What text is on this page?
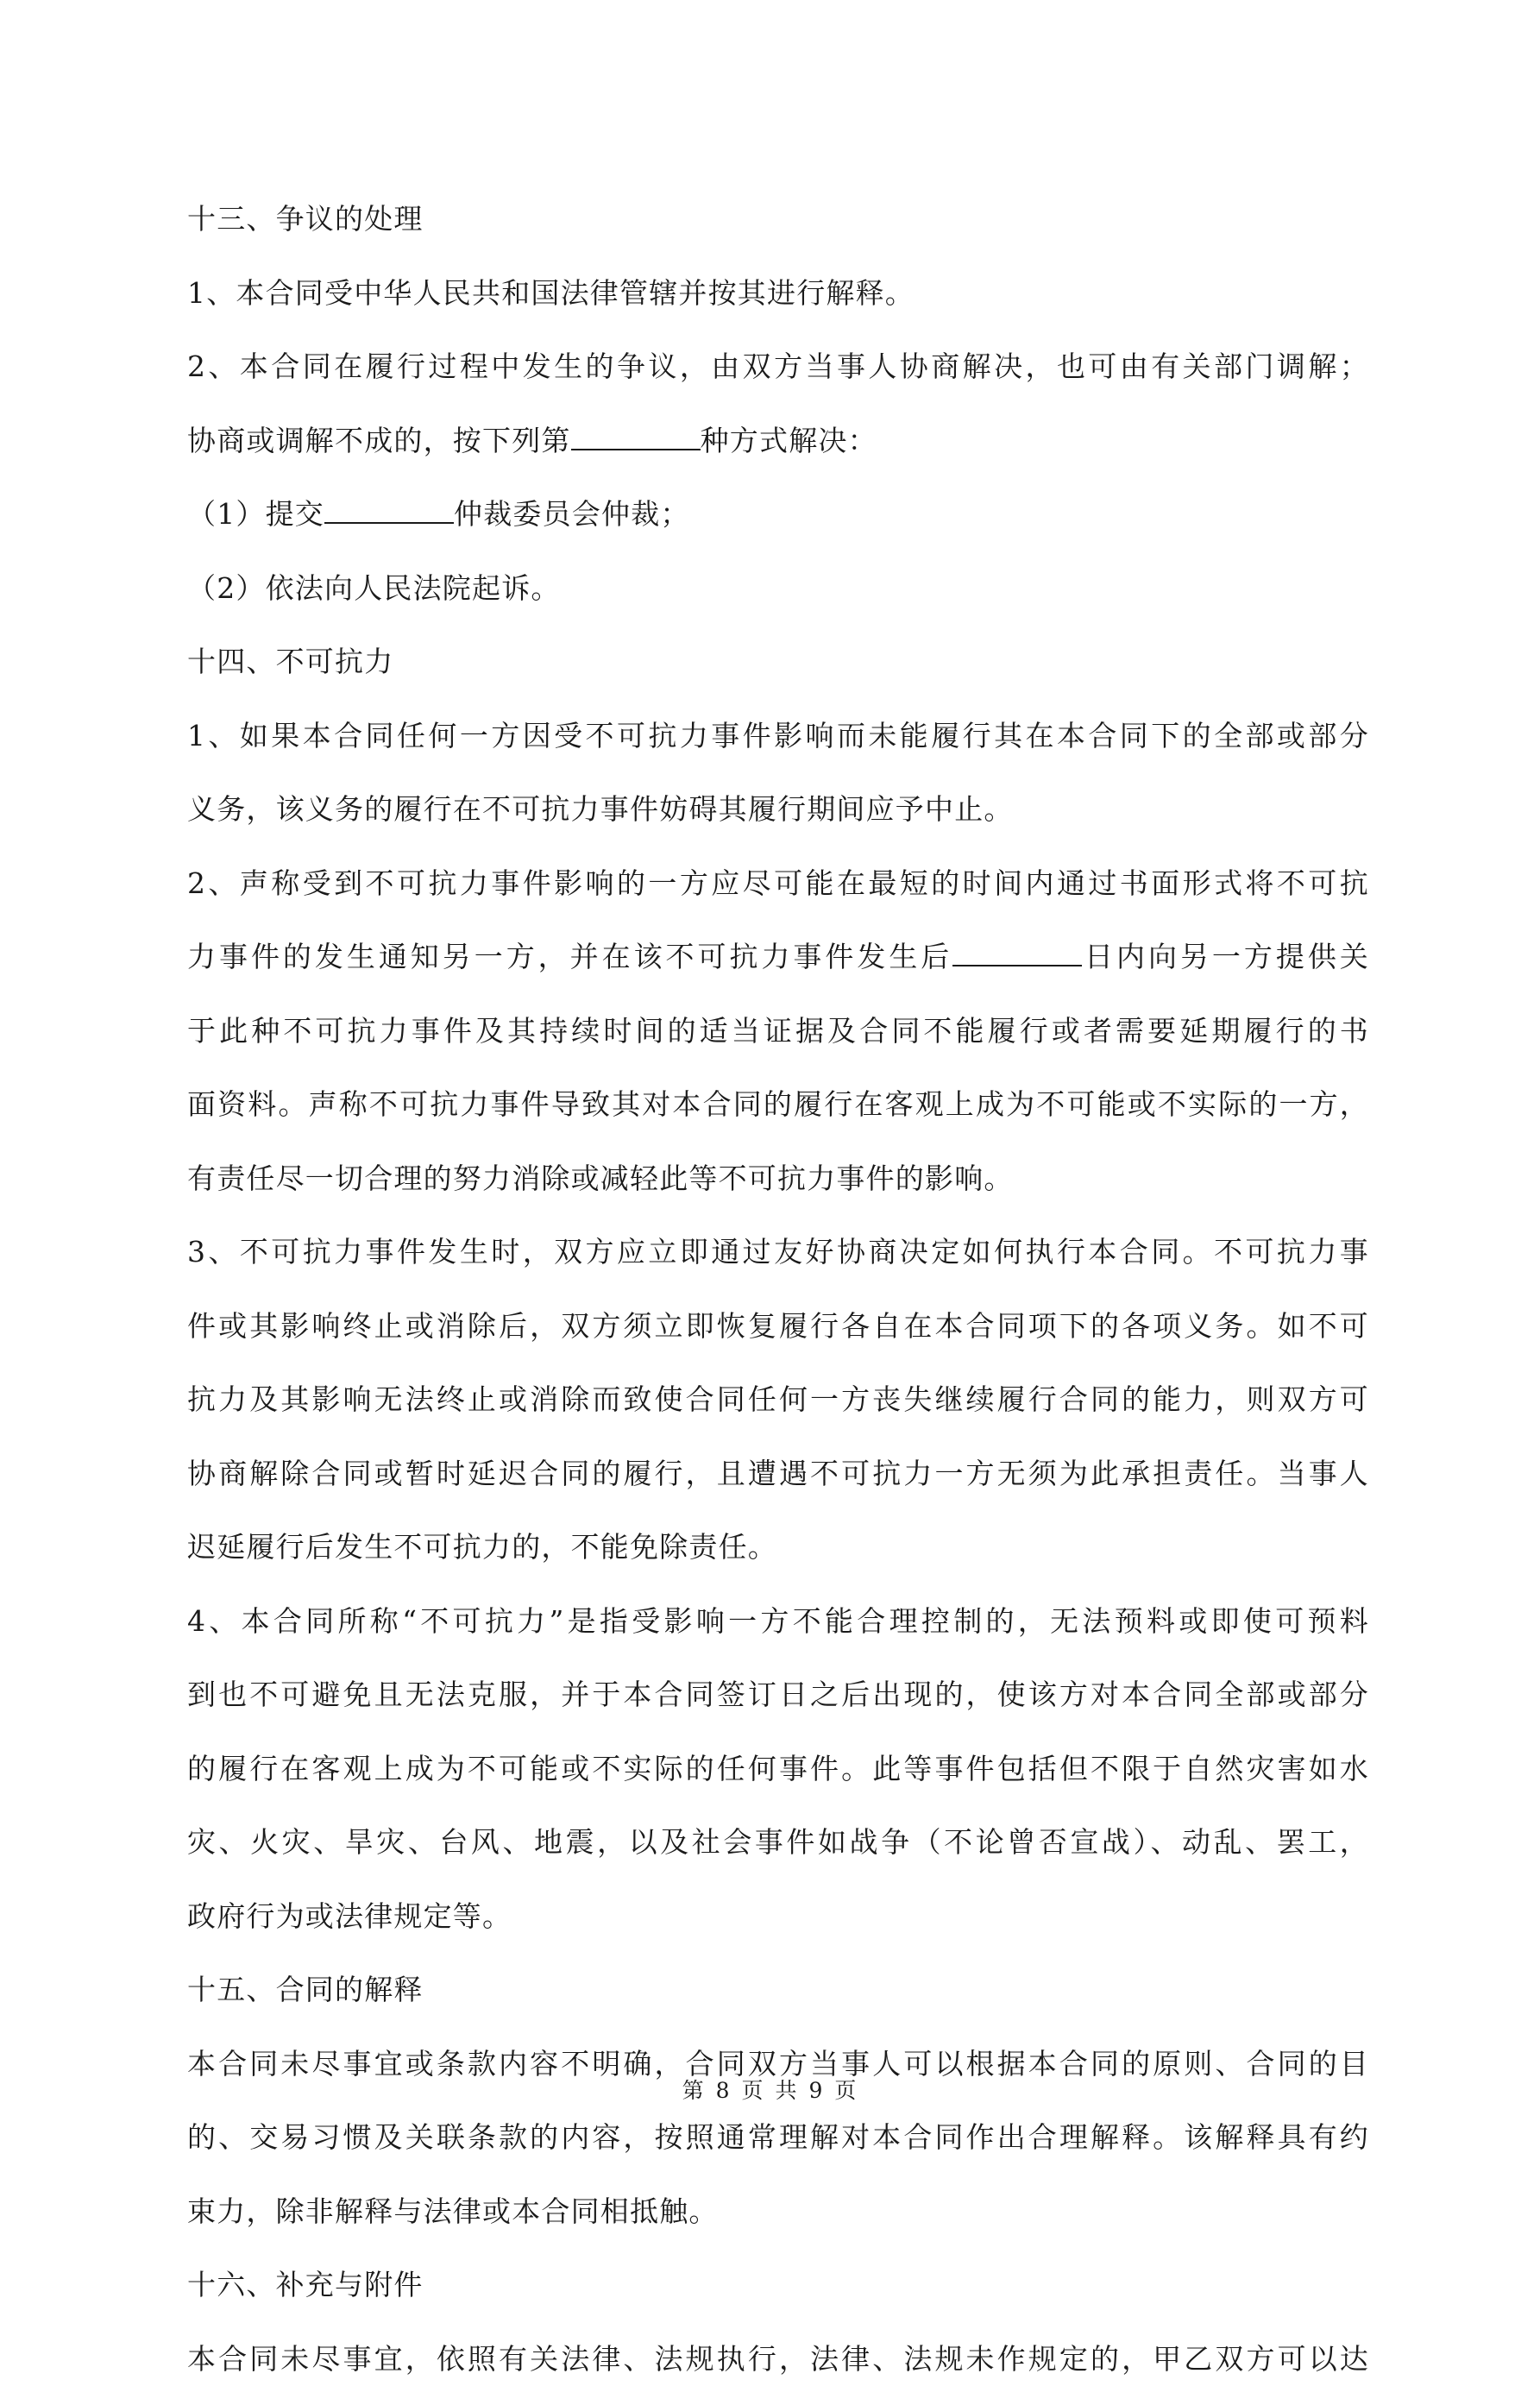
十三、争议的处理
1、本合同受中华人民共和国法律管辖并按其进行解释。
2、本合同在履行过程中发生的争议，由双方当事人协商解决，也可由有关部门调解；
协商或调解不成的，按下列第	种方式解决：
（1）提交	仲裁委员会仲裁；
（2）依法向人民法院起诉。
十四、不可抗力
1、如果本合同任何一方因受不可抗力事件影响而未能履行其在本合同下的全部或部分
义务，该义务的履行在不可抗力事件妨碍其履行期间应予中止。
2、声称受到不可抗力事件影响的一方应尽可能在最短的时间内通过书面形式将不可抗
力事件的发生通知另一方，并在该不可抗力事件发生后	日内向另一方提供关
于此种不可抗力事件及其持续时间的适当证据及合同不能履行或者需要延期履行的书
面资料。声称不可抗力事件导致其对本合同的履行在客观上成为不可能或不实际的一方，
有责任尽一切合理的努力消除或减轻此等不可抗力事件的影响。
3、不可抗力事件发生时，双方应立即通过友好协商决定如何执行本合同。不可抗力事
件或其影响终止或消除后，双方须立即恢复履行各自在本合同项下的各项义务。如不可
抗力及其影响无法终止或消除而致使合同任何一方丧失继续履行合同的能力，则双方可
协商解除合同或暂时延迟合同的履行，且遭遇不可抗力一方无须为此承担责任。当事人
迟延履行后发生不可抗力的，不能免除责任。
4、本合同所称“不可抗力”是指受影响一方不能合理控制的，无法预料或即使可预料
到也不可避免且无法克服，并于本合同签订日之后出现的，使该方对本合同全部或部分
的履行在客观上成为不可能或不实际的任何事件。此等事件包括但不限于自然灾害如水
灾、火灾、旱灾、台风、地震，以及社会事件如战争（不论曾否宣战）、动乱、罢工，
政府行为或法律规定等。
十五、合同的解释
本合同未尽事宜或条款内容不明确，合同双方当事人可以根据本合同的原则、合同的目
的、交易习惯及关联条款的内容，按照通常理解对本合同作出合理解释。该解释具有约
束力，除非解释与法律或本合同相抵触。
十六、补充与附件
本合同未尽事宜，依照有关法律、法规执行，法律、法规未作规定的，甲乙双方可以达
第 8 页 共 9 页
